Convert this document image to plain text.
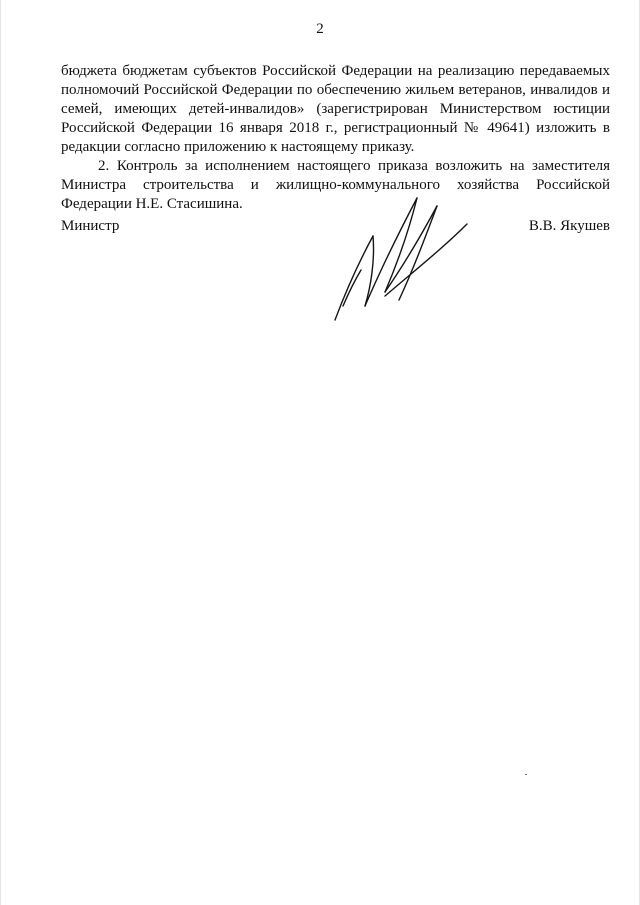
2

бюджета бюджетам субъектов Российской Федерации на реализацию передаваемых полномочий Российской Федерации по обеспечению жильем ветеранов, инвалидов и семей, имеющих детей-инвалидов» (зарегистрирован Министерством юстиции Российской Федерации 16 января 2018 г., регистрационный № 49641) изложить в редакции согласно приложению к настоящему приказу.

2. Контроль за исполнением настоящего приказа возложить на заместителя Министра строительства и жилищно-коммунального хозяйства Российской Федерации Н.Е. Стасишина.

Министр	В.В. Якушев
